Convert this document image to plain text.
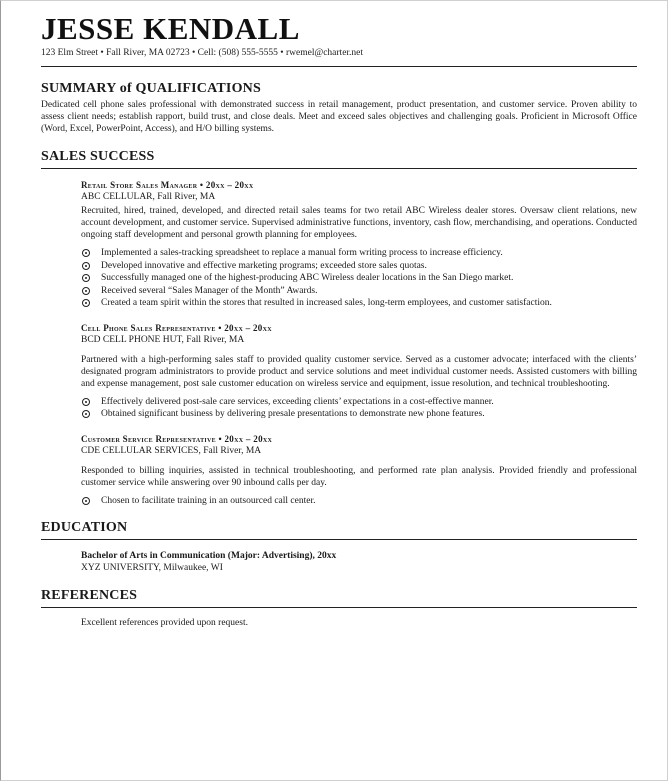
JESSE KENDALL
123 Elm Street • Fall River, MA 02723 • Cell: (508) 555-5555 • rwemel@charter.net
SUMMARY of QUALIFICATIONS

Dedicated cell phone sales professional with demonstrated success in retail management, product presentation, and customer service. Proven ability to assess client needs; establish rapport, build trust, and close deals. Meet and exceed sales objectives and challenging goals. Proficient in Microsoft Office (Word, Excel, PowerPoint, Access), and H/O billing systems.

SALES SUCCESS
Retail Store Sales Manager • 20xx – 20xx
ABC CELLULAR, Fall River, MA

Recruited, hired, trained, developed, and directed retail sales teams for two retail ABC Wireless dealer stores. Oversaw client relations, new account development, and customer service. Supervised administrative functions, inventory, cash flow, merchandising, and operations. Conducted ongoing staff development and personal growth planning for employees.

Implemented a sales-tracking spreadsheet to replace a manual form writing process to increase efficiency.
Developed innovative and effective marketing programs; exceeded store sales quotas.
Successfully managed one of the highest-producing ABC Wireless dealer locations in the San Diego market.
Received several “Sales Manager of the Month” Awards.
Created a team spirit within the stores that resulted in increased sales, long-term employees, and customer satisfaction.
Cell Phone Sales Representative • 20xx – 20xx
BCD CELL PHONE HUT, Fall River, MA

Partnered with a high-performing sales staff to provided quality customer service. Served as a customer advocate; interfaced with the clients’ designated program administrators to provide product and service solutions and meet individual customer needs. Assisted customers with billing and expense management, post sale customer education on wireless service and equipment, issue resolution, and technical troubleshooting.

Effectively delivered post-sale care services, exceeding clients’ expectations in a cost-effective manner.
Obtained significant business by delivering presale presentations to demonstrate new phone features.
Customer Service Representative • 20xx – 20xx
CDE CELLULAR SERVICES, Fall River, MA

Responded to billing inquiries, assisted in technical troubleshooting, and performed rate plan analysis. Provided friendly and professional customer service while answering over 90 inbound calls per day.

Chosen to facilitate training in an outsourced call center.
EDUCATION
Bachelor of Arts in Communication (Major: Advertising), 20xx
XYZ UNIVERSITY, Milwaukee, WI
REFERENCES
Excellent references provided upon request.
